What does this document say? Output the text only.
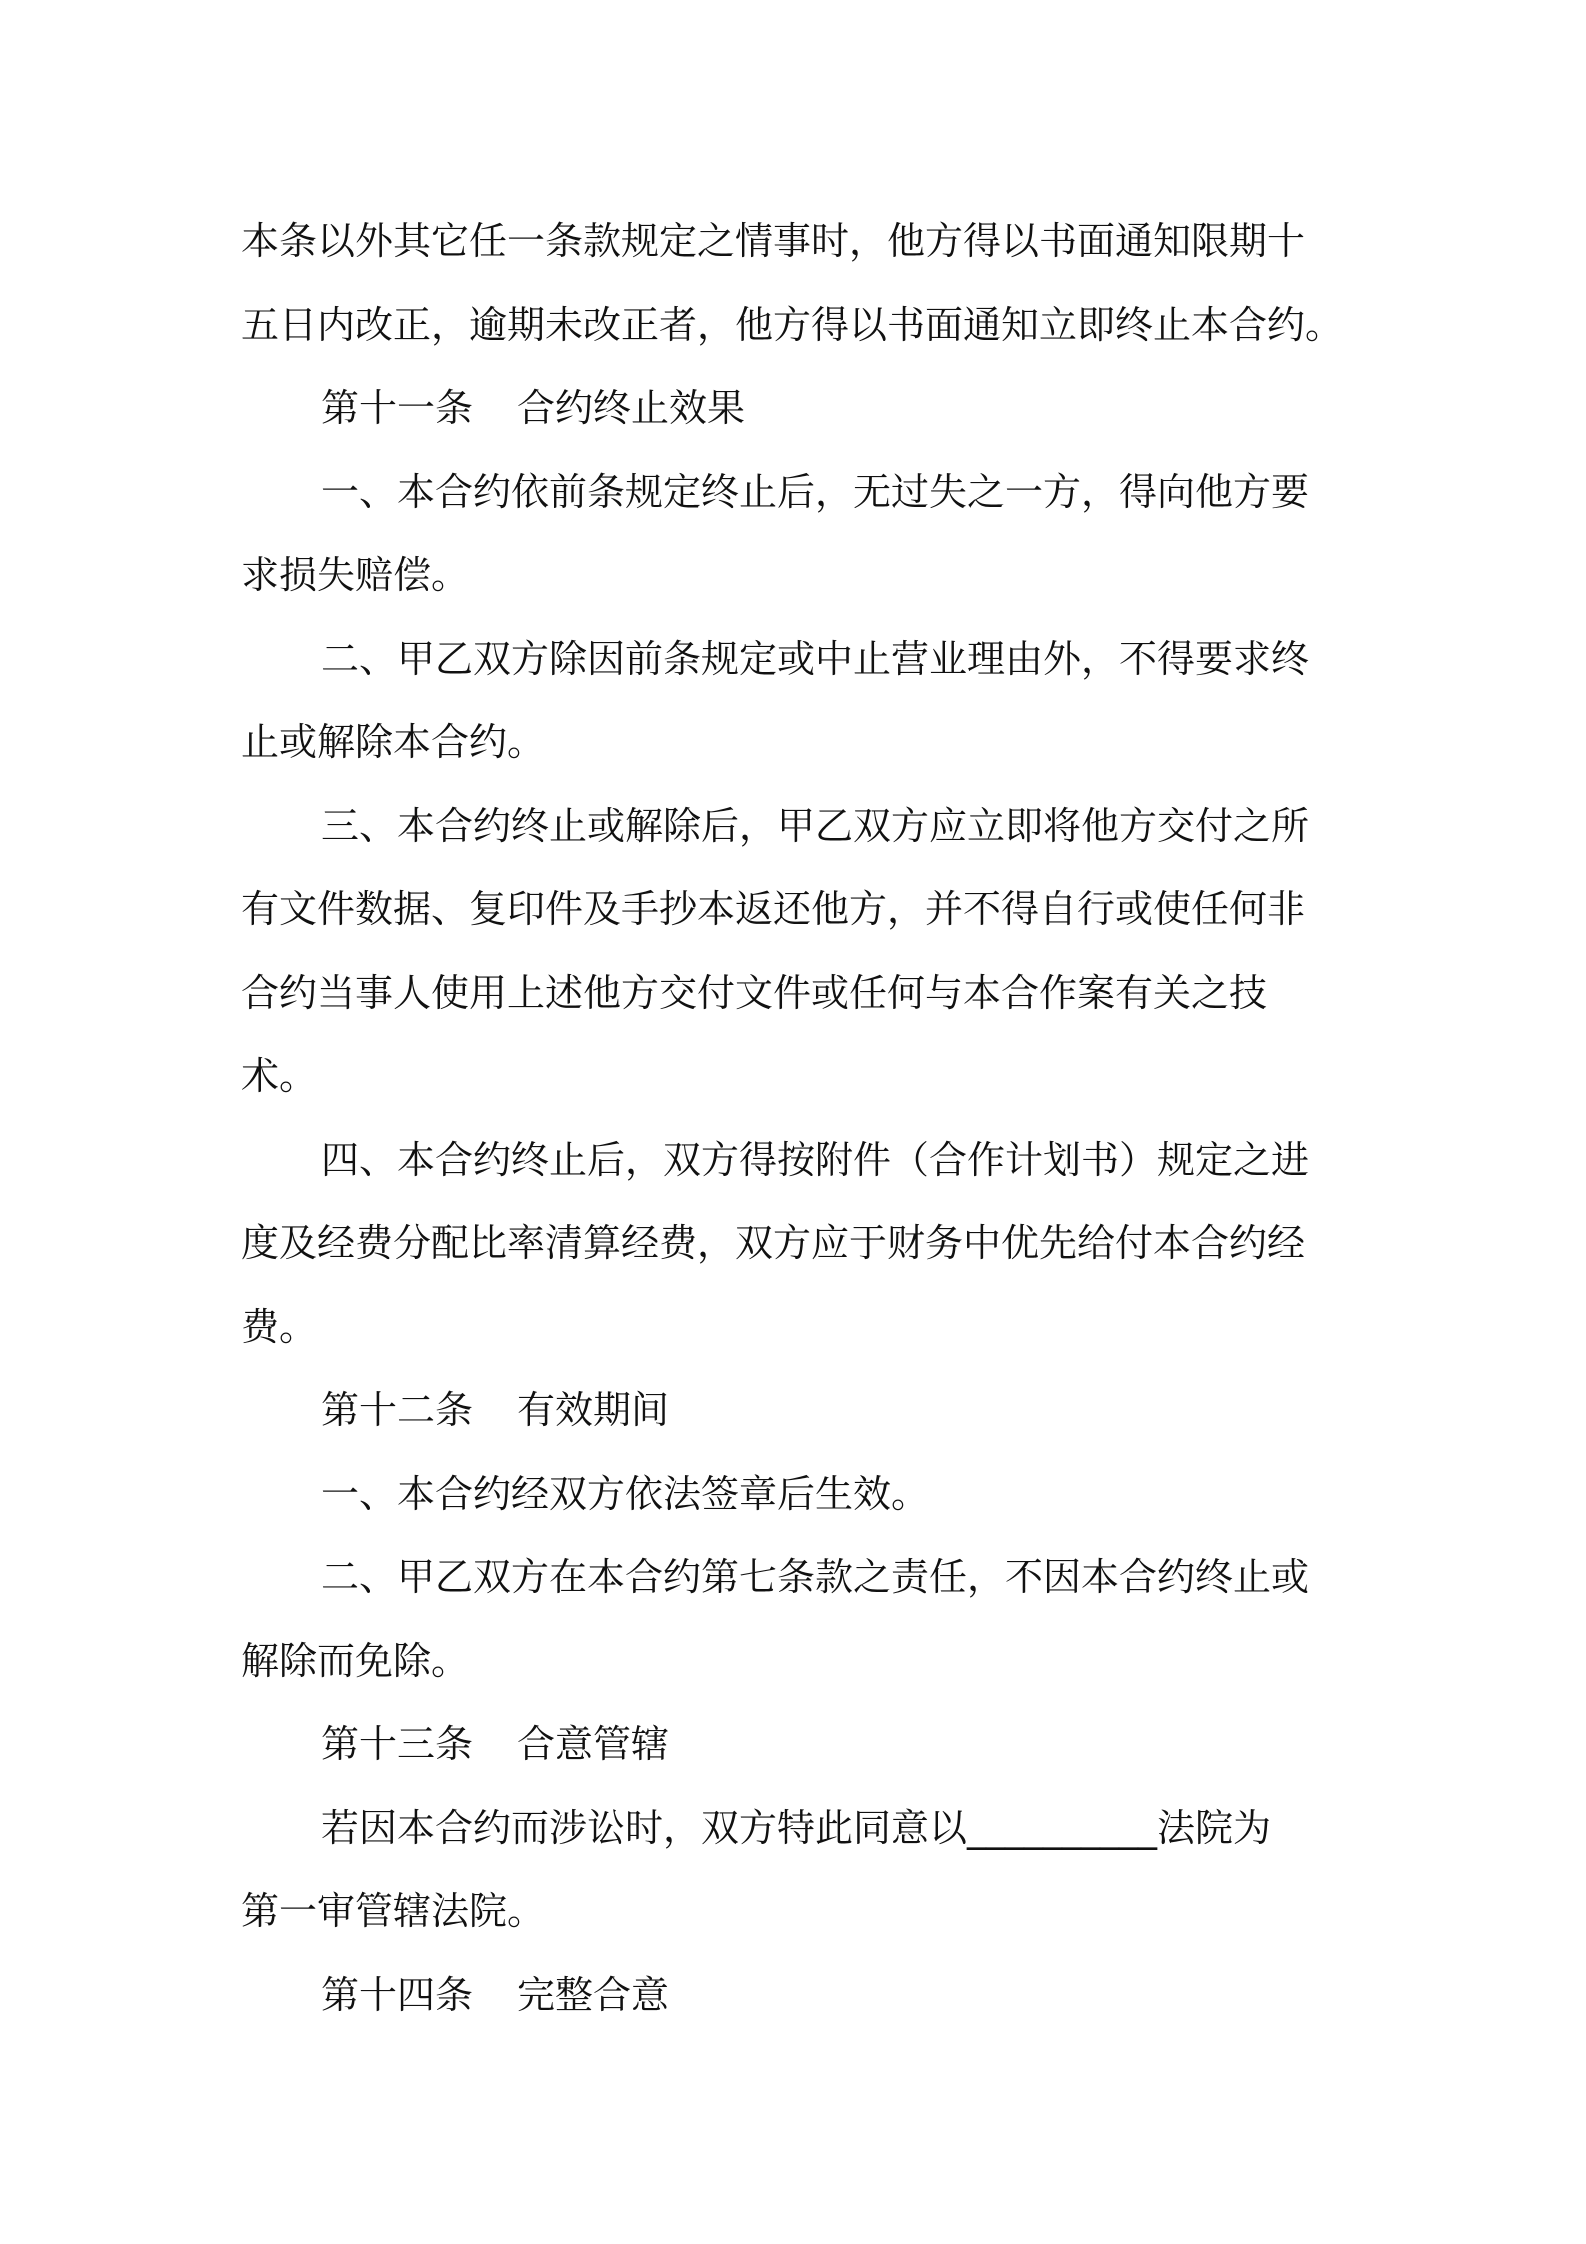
本条以外其它任一条款规定之情事时，他方得以书面通知限期十

五日内改正，逾期未改正者，他方得以书面通知立即终止本合约。

第十一条 合约终止效果

一、本合约依前条规定终止后，无过失之一方，得向他方要

求损失赔偿。

二、甲乙双方除因前条规定或中止营业理由外，不得要求终

止或解除本合约。

三、本合约终止或解除后，甲乙双方应立即将他方交付之所

有文件数据、复印件及手抄本返还他方，并不得自行或使任何非

合约当事人使用上述他方交付文件或任何与本合作案有关之技

术。

四、本合约终止后，双方得按附件（合作计划书）规定之进

度及经费分配比率清算经费，双方应于财务中优先给付本合约经

费。

第十二条 有效期间

一、本合约经双方依法签章后生效。

二、甲乙双方在本合约第七条款之责任，不因本合约终止或

解除而免除。

第十三条 合意管辖

若因本合约而涉讼时，双方特此同意以__________法院为

第一审管辖法院。

第十四条 完整合意
